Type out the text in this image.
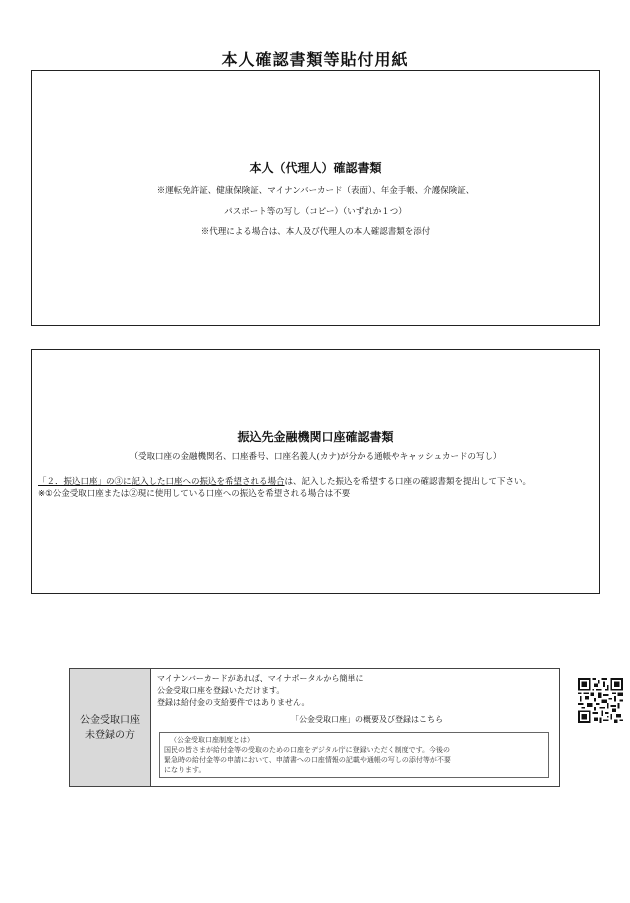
本人確認書類等貼付用紙
本人（代理人）確認書類
※運転免許証、健康保険証、マイナンバーカード（表面）、年金手帳、介護保険証、
パスポート等の写し（コピー）（いずれか１つ）
※代理による場合は、本人及び代理人の本人確認書類を添付
振込先金融機関口座確認書類
（受取口座の金融機関名、口座番号、口座名義人(カナ)が分かる通帳やキャッシュカードの写し）
「２．振込口座」の③に記入した口座への振込を希望される場合は、記入した振込を希望する口座の確認書類を提出して下さい。
※①公金受取口座または②現に使用している口座への振込を希望される場合は不要
公金受取口座
未登録の方
マイナンバーカードがあれば、マイナポータルから簡単に
公金受取口座を登録いただけます。
登録は給付金の支給要件ではありません。
「公金受取口座」の概要及び登録はこちら
（公金受取口座制度とは）
国民の皆さまが給付金等の受取のための口座をデジタル庁に登録いただく制度です。今後の
緊急時の給付金等の申請において、申請書への口座情報の記載や通帳の写しの添付等が不要
になります。
